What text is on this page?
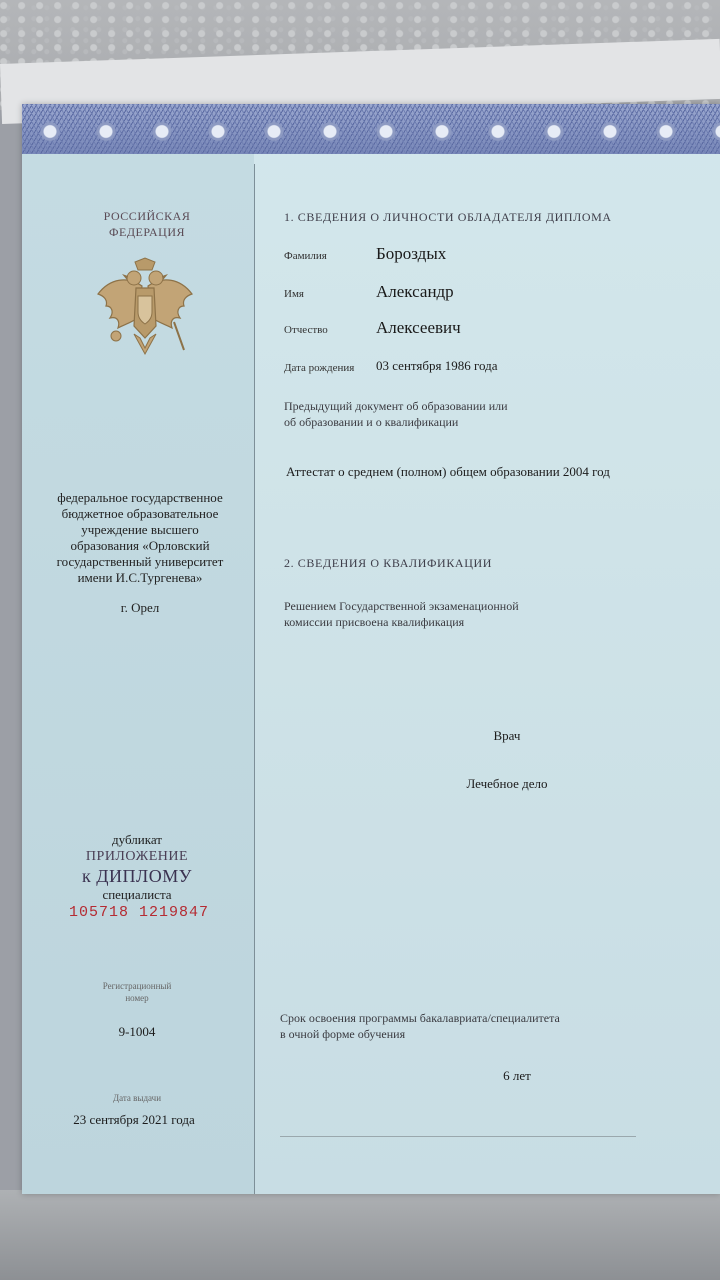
РОССИЙСКАЯ
ФЕДЕРАЦИЯ
федеральное государственное
бюджетное образовательное
учреждение высшего
образования «Орловский
государственный университет
имени И.С.Тургенева»
г. Орел
дубликат
ПРИЛОЖЕНИЕ
к ДИПЛОМУ
специалиста
105718 1219847
Регистрационный
номер
9-1004
Дата выдачи
23 сентября 2021 года
1. СВЕДЕНИЯ О ЛИЧНОСТИ ОБЛАДАТЕЛЯ ДИПЛОМА
Фамилия	Бороздых
Имя	Александр
Отчество	Алексеевич
Дата рождения 03 сентября 1986 года
Предыдущий документ об образовании или
об образовании и о квалификации
Аттестат о среднем (полном) общем образовании 2004 год
2. СВЕДЕНИЯ О КВАЛИФИКАЦИИ
Решением Государственной экзаменационной
комиссии присвоена квалификация
Врач
Лечебное дело
Срок освоения программы бакалавриата/специалитета
в очной форме обучения
6 лет
